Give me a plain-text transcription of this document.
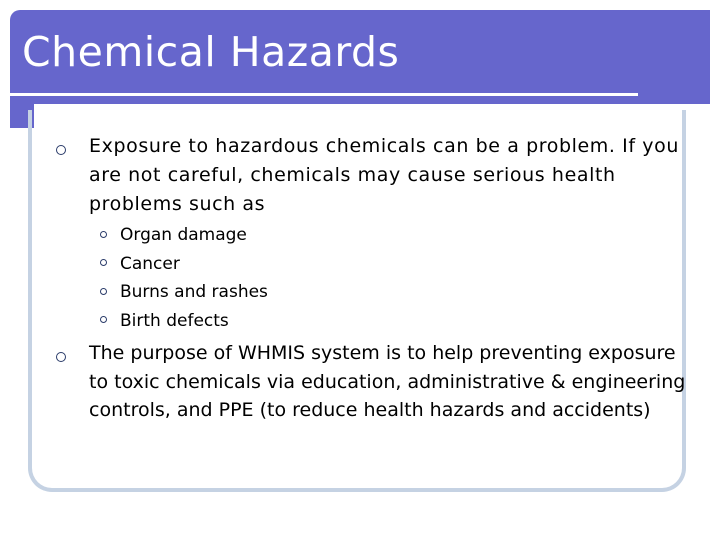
Chemical Hazards
Exposure to hazardous chemicals can be a problem. If you are not careful, chemicals may cause serious health problems such as
Organ damage
Cancer
Burns and rashes
Birth defects
The purpose of WHMIS system is to help preventing exposure to toxic chemicals via education, administrative & engineering controls, and PPE (to reduce health hazards and accidents)
